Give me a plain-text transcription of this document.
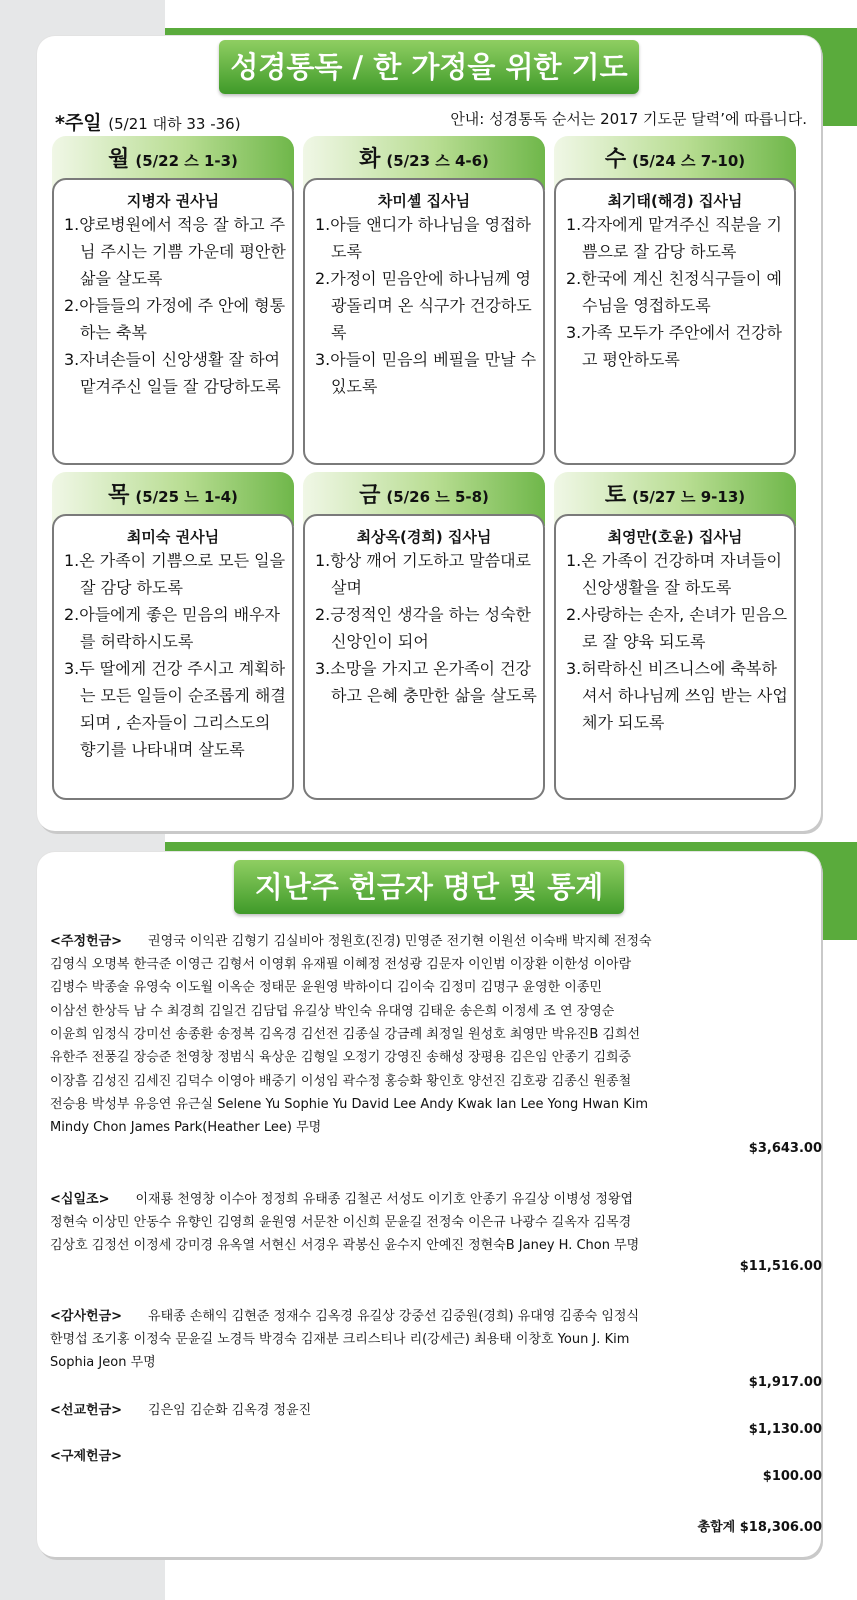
성경통독 / 한 가정을 위한 기도
*주일 (5/21 대하 33 -36)	안내: 성경통독 순서는 2017 기도문 달력’에 따릅니다.
월 (5/22 스 1-3)
지병자 권사님
1.양로병원에서 적응 잘 하고 주님 주시는 기쁨 가운데 평안한 삶을 살도록
2.아들들의 가정에 주 안에 형통하는 축복
3.자녀손들이 신앙생활 잘 하여 맡겨주신 일들 잘 감당하도록
화 (5/23 스 4-6)
차미셸 집사님
1.아들 앤디가 하나님을 영접하도록
2.가정이 믿음안에 하나님께 영광돌리며 온 식구가 건강하도록
3.아들이 믿음의 베필을 만날 수 있도록
수 (5/24 스 7-10)
최기태(해경) 집사님
1.각자에게 맡겨주신 직분을 기쁨으로 잘 감당 하도록
2.한국에 계신 친정식구들이 예수님을 영접하도록
3.가족 모두가 주안에서 건강하고 평안하도록
목 (5/25 느 1-4)
최미숙 권사님
1.온 가족이 기쁨으로 모든 일을 잘 감당 하도록
2.아들에게 좋은 믿음의 배우자를 허락하시도록
3.두 딸에게 건강 주시고 계획하는 모든 일들이 순조롭게 해결되며 , 손자들이 그리스도의 향기를 나타내며 살도록
금 (5/26 느 5-8)
최상옥(경희) 집사님
1.항상 깨어 기도하고 말씀대로 살며
2.긍정적인 생각을 하는 성숙한 신앙인이 되어
3.소망을 가지고 온가족이 건강하고 은혜 충만한 삶을 살도록
토 (5/27 느 9-13)
최영만(호윤) 집사님
1.온 가족이 건강하며 자녀들이 신앙생활을 잘 하도록
2.사랑하는 손자, 손녀가 믿음으로 잘 양육 되도록
3.허락하신 비즈니스에 축복하셔서 하나님께 쓰임 받는 사업체가 되도록
지난주 헌금자 명단 및 통계
<주정헌금> 권영국 이익관 김형기 김실비아 정원호(진경) 민영준 전기현 이원선 이숙배 박지혜 전정숙
김영식 오명복 한극준 이영근 김형서 이영휘 유재필 이혜정 전성광 김문자 이인범 이장환 이한성 이아람
김병수 박종술 유영숙 이도월 이옥순 정태문 윤원영 박하이디 김이숙 김정미 김명구 윤영한 이종민
이삼선 한상득 남 수 최경희 김일건 김담덥 유길상 박인숙 유대영 김태운 송은희 이정세 조 연 장영순
이윤희 임정식 강미선 송종환 송정복 김옥경 김선전 김종실 강금례 최정일 원성호 최영만 박유진B 김희선
유한주 전풍길 장승준 천영창 정범식 육상운 김형일 오정기 강영진 송해성 장평용 김은임 안종기 김희중
이장흠 김성진 김세진 김덕수 이영아 배중기 이성임 곽수정 홍승화 황인호 양선진 김호광 김종신 원종철
전승용 박성부 유응연 유근실 Selene Yu Sophie Yu David Lee Andy Kwak Ian Lee Yong Hwan Kim
Mindy Chon James Park(Heather Lee) 무명
$3,643.00
<십일조> 이재룡 천영창 이수아 정정희 유태종 김철곤 서성도 이기호 안종기 유길상 이병성 정왕엽
정현숙 이상민 안동수 유향인 김영희 윤원영 서문찬 이신희 문윤길 전정숙 이은규 나광수 길옥자 김목경
김상호 김정선 이정세 강미경 유옥열 서현신 서경우 곽봉신 윤수지 안예진 정현숙B Janey H. Chon 무명
$11,516.00
<감사헌금> 유태종 손해익 김현준 정재수 김옥경 유길상 강중선 김중원(경희) 유대영 김종숙 임정식
한명섭 조기홍 이정숙 문윤길 노경득 박경숙 김재분 크리스티나 리(강세근) 최용태 이창호 Youn J. Kim
Sophia Jeon 무명
$1,917.00
<선교헌금> 김은임 김순화 김옥경 정윤진
$1,130.00
<구제헌금>
$100.00
총합계 $18,306.00
